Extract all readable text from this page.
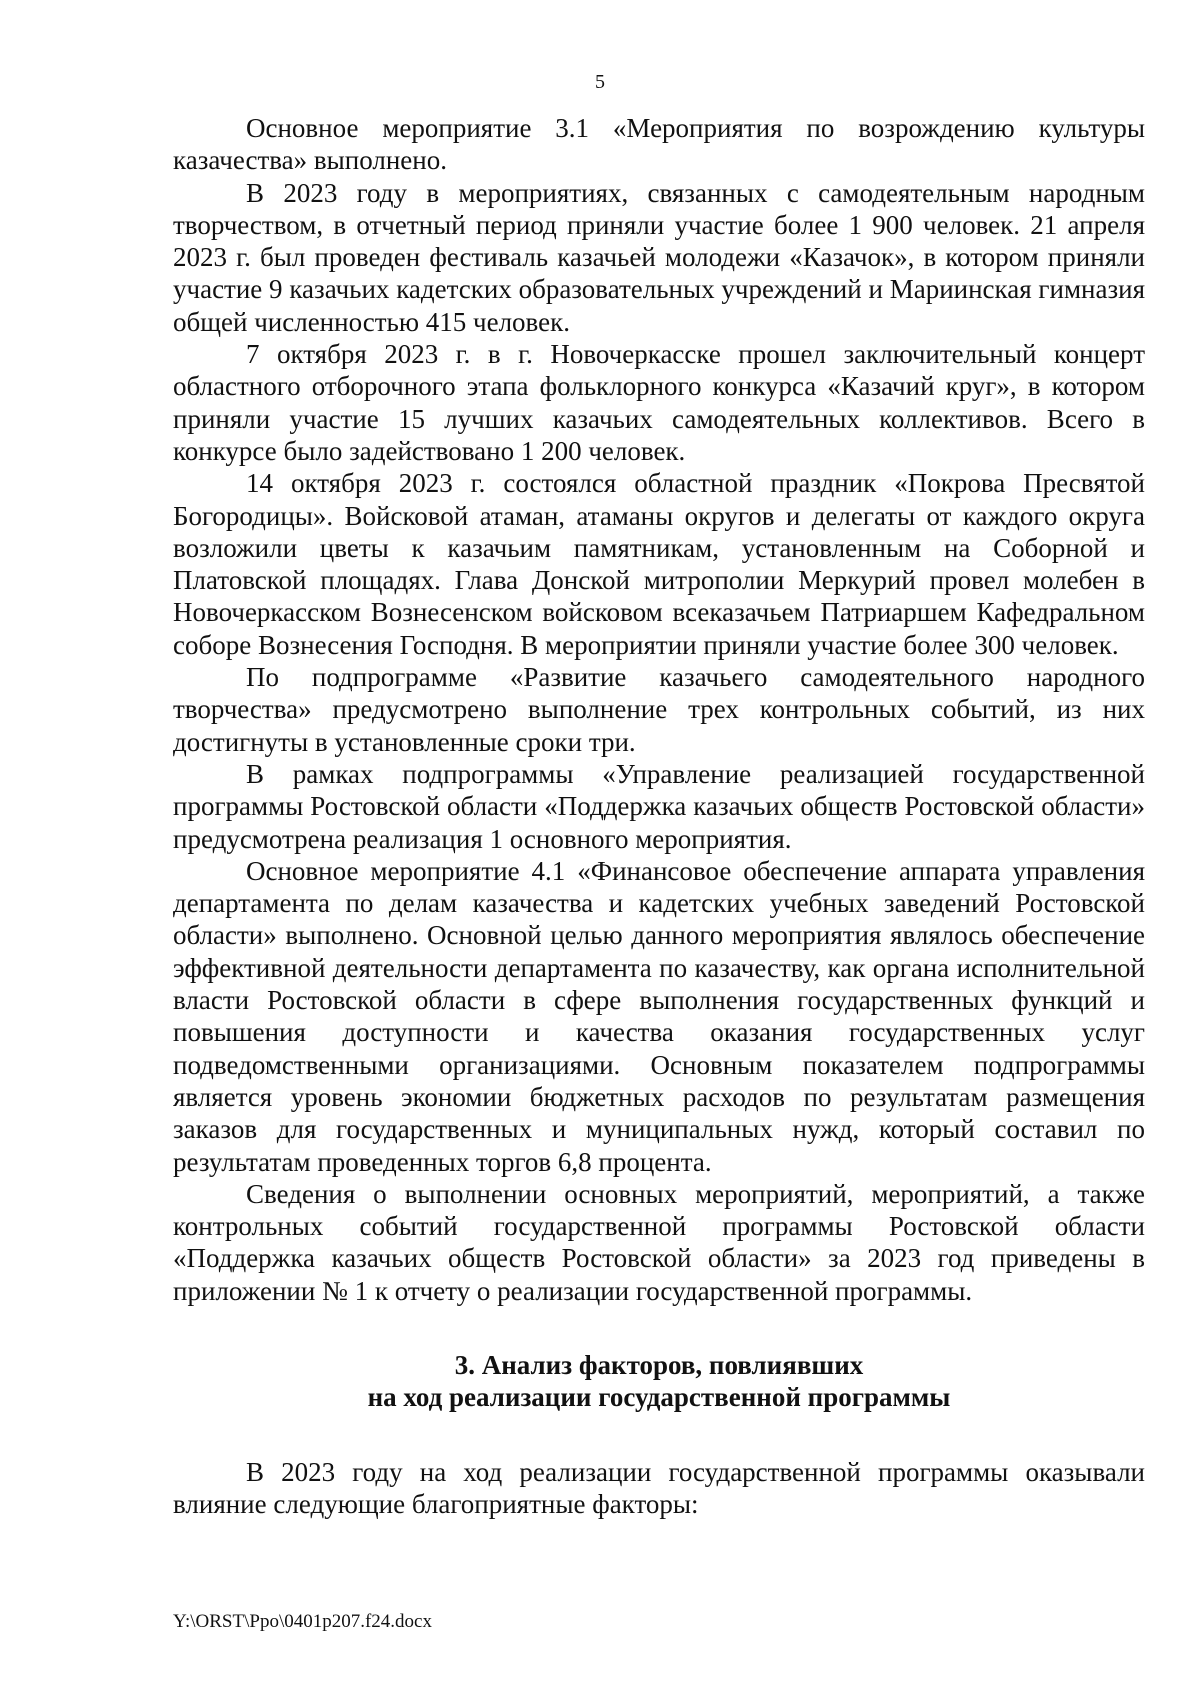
5

Основное мероприятие 3.1 «Мероприятия по возрождению культуры казачества» выполнено.

В 2023 году в мероприятиях, связанных с самодеятельным народным творчеством, в отчетный период приняли участие более 1 900 человек. 21 апреля 2023 г. был проведен фестиваль казачьей молодежи «Казачок», в котором приняли участие 9 казачьих кадетских образовательных учреждений и Мариинская гимназия общей численностью 415 человек.

7 октября 2023 г. в г. Новочеркасске прошел заключительный концерт областного отборочного этапа фольклорного конкурса «Казачий круг», в котором приняли участие 15 лучших казачьих самодеятельных коллективов. Всего в конкурсе было задействовано 1 200 человек.

14 октября 2023 г. состоялся областной праздник «Покрова Пресвятой Богородицы». Войсковой атаман, атаманы округов и делегаты от каждого округа возложили цветы к казачьим памятникам, установленным на Соборной и Платовской площадях. Глава Донской митрополии Меркурий провел молебен в Новочеркасском Вознесенском войсковом всеказачьем Патриаршем Кафедральном соборе Вознесения Господня. В мероприятии приняли участие более 300 человек.

По подпрограмме «Развитие казачьего самодеятельного народного творчества» предусмотрено выполнение трех контрольных событий, из них достигнуты в установленные сроки три.

В рамках подпрограммы «Управление реализацией государственной программы Ростовской области «Поддержка казачьих обществ Ростовской области» предусмотрена реализация 1 основного мероприятия.

Основное мероприятие 4.1 «Финансовое обеспечение аппарата управления департамента по делам казачества и кадетских учебных заведений Ростовской области» выполнено. Основной целью данного мероприятия являлось обеспечение эффективной деятельности департамента по казачеству, как органа исполнительной власти Ростовской области в сфере выполнения государственных функций и повышения доступности и качества оказания государственных услуг подведомственными организациями. Основным показателем подпрограммы является уровень экономии бюджетных расходов по результатам размещения заказов для государственных и муниципальных нужд, который составил по результатам проведенных торгов 6,8 процента.

Сведения о выполнении основных мероприятий, мероприятий, а также контрольных событий государственной программы Ростовской области «Поддержка казачьих обществ Ростовской области» за 2023 год приведены в приложении № 1 к отчету о реализации государственной программы.

3. Анализ факторов, повлиявших
на ход реализации государственной программы

В 2023 году на ход реализации государственной программы оказывали влияние следующие благоприятные факторы:

Y:\ORST\Ppo\0401p207.f24.docx
